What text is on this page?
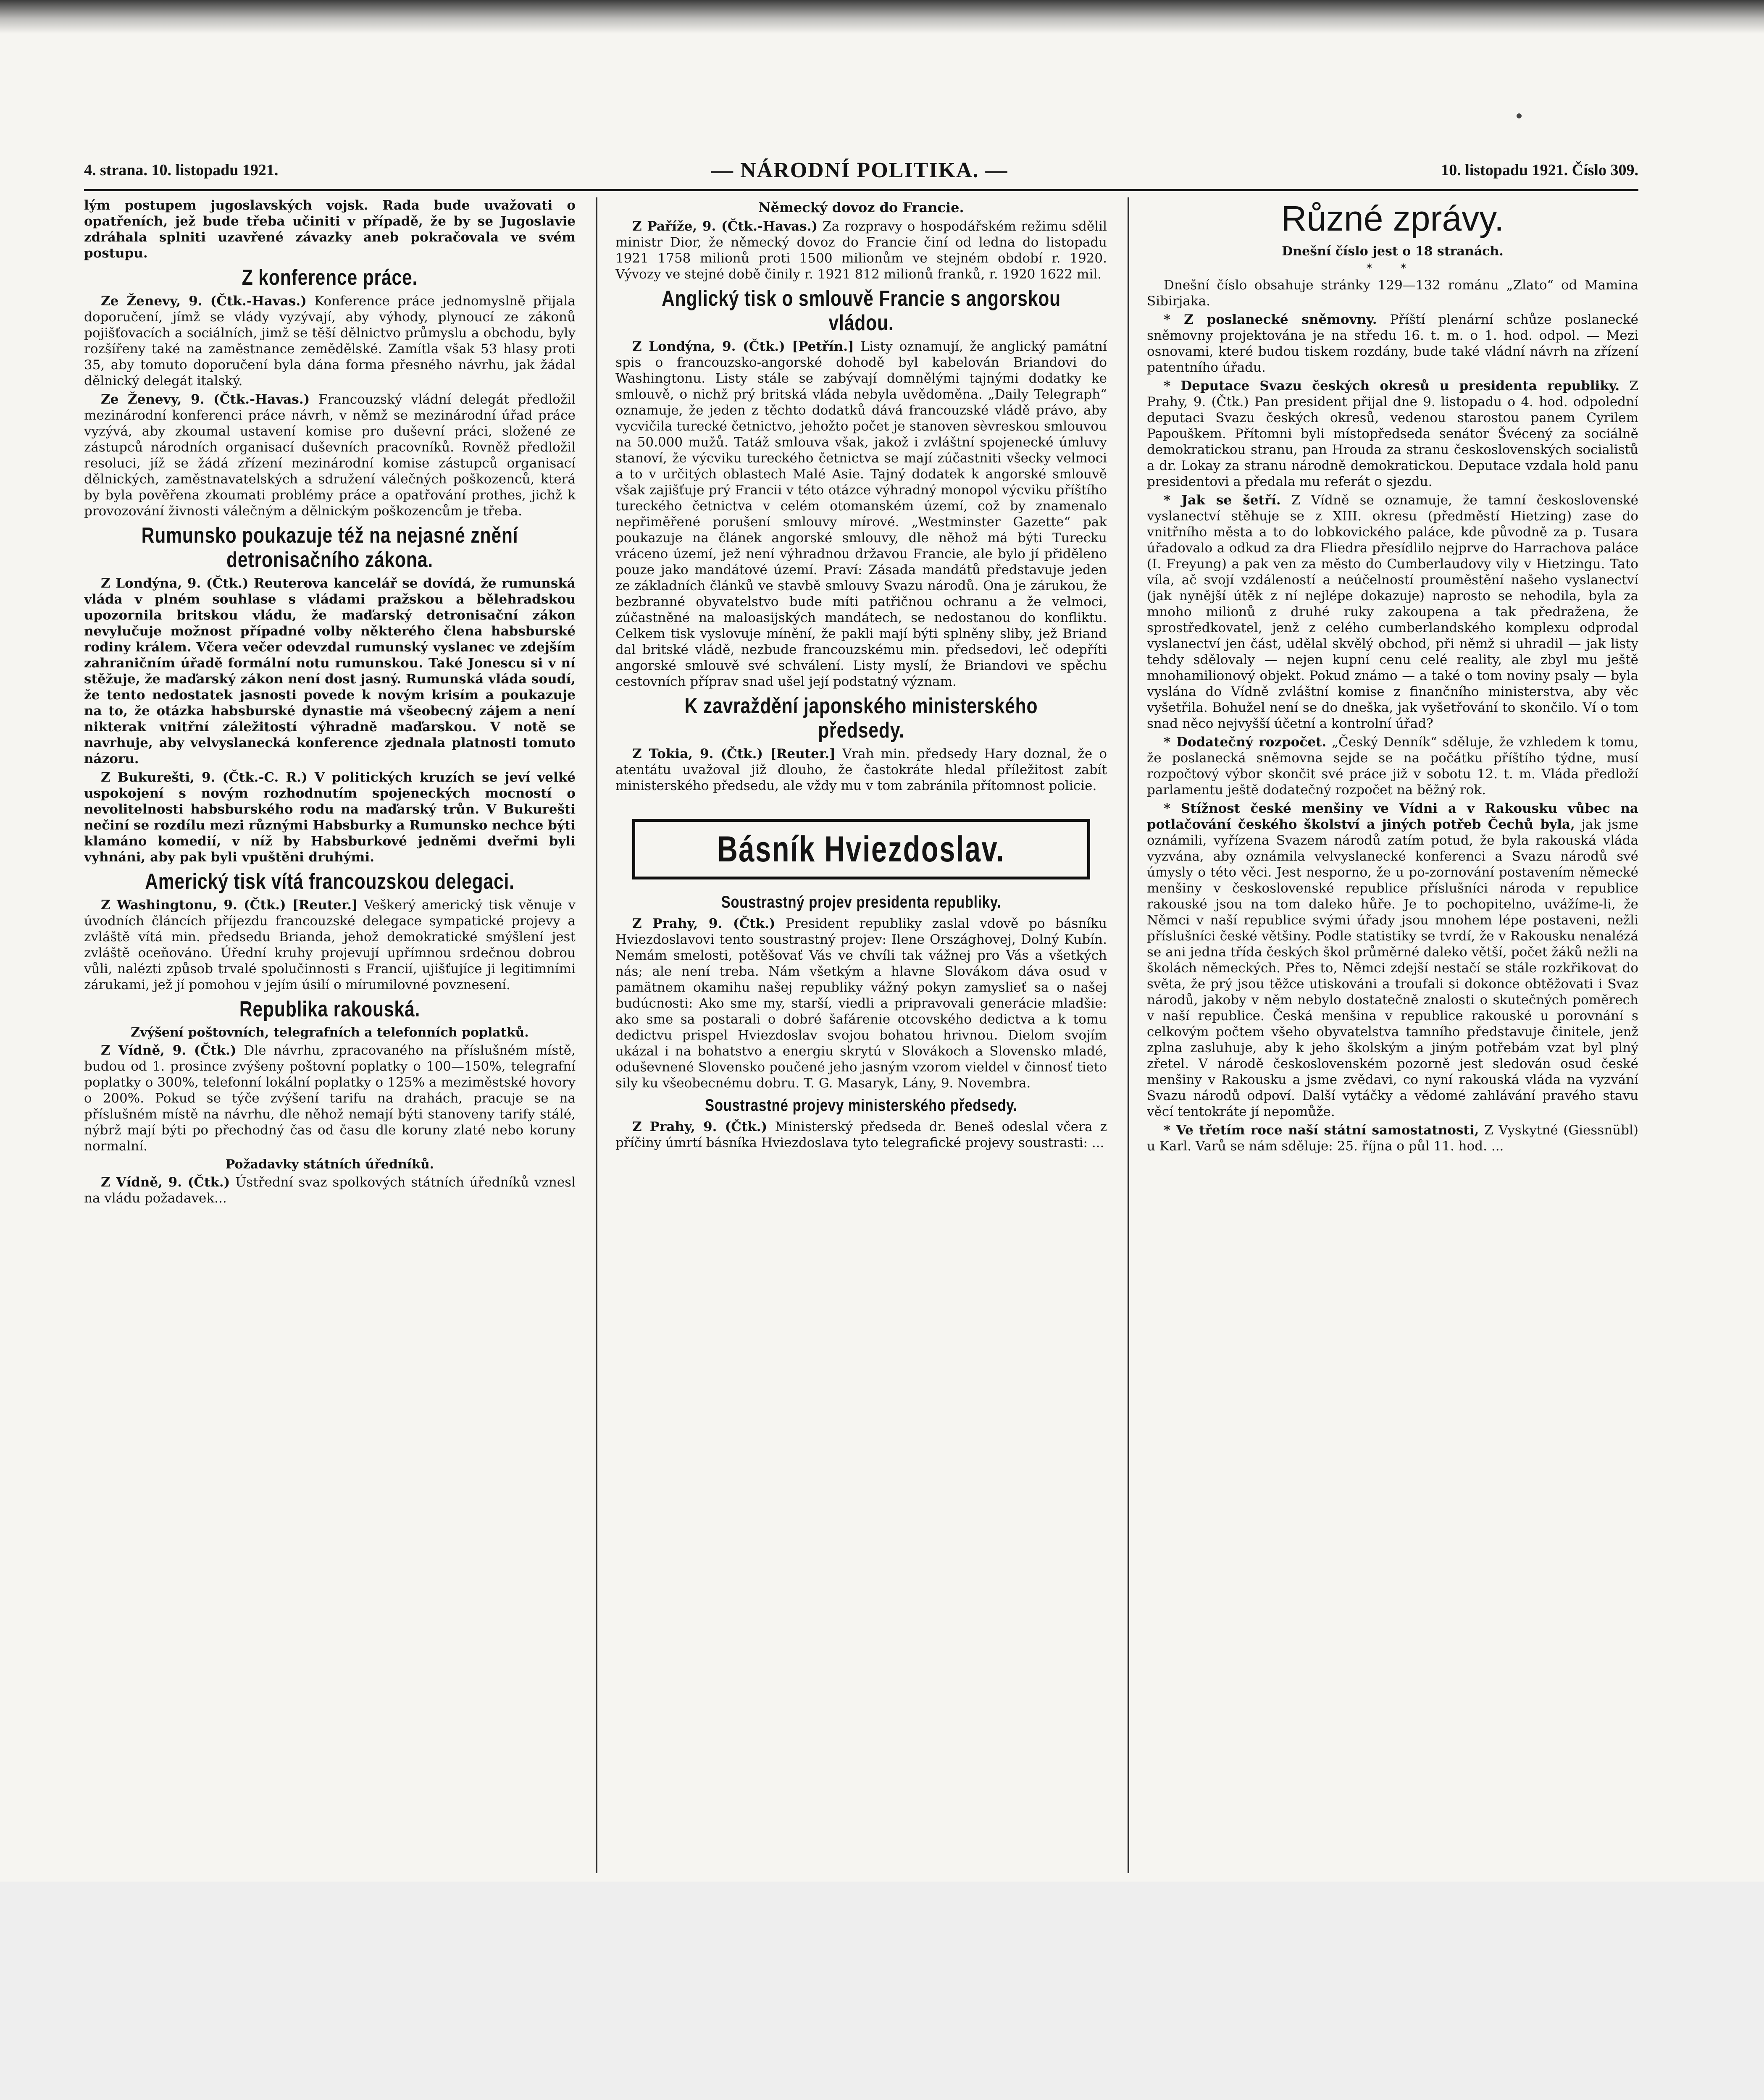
4. strana. 10. listopadu 1921.	— NÁRODNÍ POLITIKA. —	10. listopadu 1921. Číslo 309.

lým postupem jugoslavských vojsk. Rada bude uvažovati o opatřeních, jež bude třeba učiniti v případě, že by se Jugoslavie zdráhala splniti uzavřené závazky aneb pokračovala ve svém postupu.

Z konference práce.

Ze Ženevy, 9. (Čtk.-Havas.) Konference práce jednomyslně přijala doporučení, jímž se vlády vyzývají, aby výhody, plynoucí ze zákonů pojišťovacích a sociálních, jimž se těší dělnictvo průmyslu a obchodu, byly rozšířeny také na zaměstnance zemědělské. Zamítla však 53 hlasy proti 35, aby tomuto doporučení byla dána forma přesného návrhu, jak žádal dělnický delegát italský.

Ze Ženevy, 9. (Čtk.-Havas.) Francouzský vládní delegát předložil mezinárodní konferenci práce návrh, v němž se mezinárodní úřad práce vyzývá, aby zkoumal ustavení komise pro duševní práci, složené ze zástupců národních organisací duševních pracovníků. Rovněž předložil resoluci, jíž se žádá zřízení mezinárodní komise zástupců organisací dělnických, zaměstnavatelských a sdružení válečných poškozenců, která by byla pověřena zkoumati problémy práce a opatřování prothes, jichž k provozování živnosti válečným a dělnickým poškozencům je třeba.

Rumunsko poukazuje též na nejasné znění detronisačního zákona.

Z Londýna, 9. (Čtk.) Reuterova kancelář se dovídá, že rumunská vláda v plném souhlase s vládami pražskou a bělehradskou upozornila britskou vládu, že maďarský detronisační zákon nevylučuje možnost případné volby některého člena habsburské rodiny králem. Včera večer odevzdal rumunský vyslanec ve zdejším zahraničním úřadě formální notu rumunskou. Také Jonescu si v ní stěžuje, že maďarský zákon není dost jasný. Rumunská vláda soudí, že tento nedostatek jasnosti povede k novým krisím a poukazuje na to, že otázka habsburské dynastie má všeobecný zájem a není nikterak vnitřní záležitostí výhradně maďarskou. V notě se navrhuje, aby velvyslanecká konference zjednala platnosti tomuto názoru.

Z Bukurešti, 9. (Čtk.-C. R.) V politických kruzích se jeví velké uspokojení s novým rozhodnutím spojeneckých mocností o nevolitelnosti habsburského rodu na maďarský trůn. V Bukurešti nečiní se rozdílu mezi různými Habsburky a Rumunsko nechce býti klamáno komedií, v níž by Habsburkové jedněmi dveřmi byli vyhnáni, aby pak byli vpuštěni druhými.

Americký tisk vítá francouzskou delegaci.

Z Washingtonu, 9. (Čtk.) [Reuter.] Veškerý americký tisk věnuje v úvodních článcích příjezdu francouzské delegace sympatické projevy a zvláště vítá min. předsedu Brianda, jehož demokratické smýšlení jest zvláště oceňováno. Úřední kruhy projevují upřímnou srdečnou dobrou vůli, nalézti způsob trvalé spolučinnosti s Francií, ujišťujíce ji legitimními zárukami, jež jí pomohou v jejím úsilí o mírumilovné povznesení.

Republika rakouská.
Zvýšení poštovních, telegrafních a telefonních poplatků.

Z Vídně, 9. (Čtk.) Dle návrhu, zpracovaného na příslušném místě, budou od 1. prosince zvýšeny poštovní poplatky o 100—150%, telegrafní poplatky o 300%, telefonní lokální poplatky o 125% a meziměstské hovory o 200%. Pokud se týče zvýšení tarifu na drahách, pracuje se na příslušném místě na návrhu, dle něhož nemají býti stanoveny tarify stálé, nýbrž mají býti po přechodný čas od času dle koruny zlaté nebo koruny normalní.

Požadavky státních úředníků.

Z Vídně, 9. (Čtk.) Ústřední svaz spolkových státních úředníků vznesl na vládu požadavek...

Německý dovoz do Francie.

Z Paříže, 9. (Čtk.-Havas.) Za rozpravy o hospodářském režimu sdělil ministr Dior, že německý dovoz do Francie činí od ledna do listopadu 1921 1758 milionů proti 1500 milionům ve stejném období r. 1920. Vývozy ve stejné době činily r. 1921 812 milionů franků, r. 1920 1622 mil.

Anglický tisk o smlouvě Francie s angorskou vládou.

Z Londýna, 9. (Čtk.) [Petřín.] Listy oznamují, že anglický památní spis o francouzsko-angorské dohodě byl kabelován Briandovi do Washingtonu. Listy stále se zabývají domnělými tajnými dodatky ke smlouvě, o nichž prý britská vláda nebyla uvědoměna. „Daily Telegraph“ oznamuje, že jeden z těchto dodatků dává francouzské vládě právo, aby vycvičila turecké četnictvo, jehožto počet je stanoven sèvreskou smlouvou na 50.000 mužů. Tatáž smlouva však, jakož i zvláštní spojenecké úmluvy stanoví, že výcviku tureckého četnictva se mají zúčastniti všecky velmoci a to v určitých oblastech Malé Asie. Tajný dodatek k angorské smlouvě však zajišťuje prý Francii v této otázce výhradný monopol výcviku příštího tureckého četnictva v celém otomanském území, což by znamenalo nepřiměřené porušení smlouvy mírové. „Westminster Gazette“ pak poukazuje na článek angorské smlouvy, dle něhož má býti Turecku vráceno území, jež není výhradnou državou Francie, ale bylo jí přiděleno pouze jako mandátové území. Praví: Zásada mandátů představuje jeden ze základních článků ve stavbě smlouvy Svazu národů. Ona je zárukou, že bezbranné obyvatelstvo bude míti patřičnou ochranu a že velmoci, zúčastněné na maloasijských mandátech, se nedostanou do konfliktu. Celkem tisk vyslovuje mínění, že pakli mají býti splněny sliby, jež Briand dal britské vládě, nezbude francouzskému min. předsedovi, leč odepříti angorské smlouvě své schválení. Listy myslí, že Briandovi ve spěchu cestovních příprav snad ušel její podstatný význam.

K zavraždění japonského ministerského předsedy.

Z Tokia, 9. (Čtk.) [Reuter.] Vrah min. předsedy Hary doznal, že o atentátu uvažoval již dlouho, že častokráte hledal příležitost zabít ministerského předsedu, ale vždy mu v tom zabránila přítomnost policie.

Básník Hviezdoslav.
Soustrastný projev presidenta republiky.

Z Prahy, 9. (Čtk.) President republiky zaslal vdově po básníku Hviezdoslavovi tento soustrastný projev: Ilene Országhovej, Dolný Kubín. Nemám smelosti, potěšovať Vás ve chvíli tak vážnej pro Vás a všetkých nás; ale není treba. Nám všetkým a hlavne Slovákom dáva osud v pamätnem okamihu našej republiky vážný pokyn zamyslieť sa o našej budúcnosti: Ako sme my, starší, viedli a pripravovali generácie mladšie: ako sme sa postarali o dobré šafárenie otcovského dedictva a k tomu dedictvu prispel Hviezdoslav svojou bohatou hrivnou. Dielom svojím ukázal i na bohatstvo a energiu skrytú v Slovákoch a Slovensko mladé, oduševnené Slovensko poučené jeho jasným vzorom vieldel v činnosť tieto sily ku všeobecnému dobru. T. G. Masaryk, Lány, 9. Novembra.

Soustrastné projevy ministerského předsedy.

Z Prahy, 9. (Čtk.) Ministerský předseda dr. Beneš odeslal včera z příčiny úmrtí básníka Hviezdoslava tyto telegrafické projevy soustrasti: ...

Různé zprávy.
Dnešní číslo jest o 18 stranách.
* *

Dnešní číslo obsahuje stránky 129—132 románu „Zlato“ od Mamina Sibirjaka.

* Z poslanecké sněmovny. Příští plenární schůze poslanecké sněmovny projektována je na středu 16. t. m. o 1. hod. odpol. — Mezi osnovami, které budou tiskem rozdány, bude také vládní návrh na zřízení patentního úřadu.

* Deputace Svazu českých okresů u presidenta republiky. Z Prahy, 9. (Čtk.) Pan president přijal dne 9. listopadu o 4. hod. odpolední deputaci Svazu českých okresů, vedenou starostou panem Cyrilem Papouškem. Přítomni byli místopředseda senátor Švécený za sociálně demokratickou stranu, pan Hrouda za stranu československých socialistů a dr. Lokay za stranu národně demokratickou. Deputace vzdala hold panu presidentovi a předala mu referát o sjezdu.

* Jak se šetří. Z Vídně se oznamuje, že tamní československé vyslanectví stěhuje se z XIII. okresu (předměstí Hietzing) zase do vnitřního města a to do lobkovického paláce, kde původně za p. Tusara úřadovalo a odkud za dra Fliedra přesídlilo nejprve do Harrachova paláce (I. Freyung) a pak ven za město do Cumberlaudovy vily v Hietzingu. Tato víla, ač svojí vzdáleností a neúčelností prouměstění našeho vyslanectví (jak nynější útěk z ní nejlépe dokazuje) naprosto se nehodila, byla za mnoho milionů z druhé ruky zakoupena a tak předražena, že sprostředkovatel, jenž z celého cumberlandského komplexu odprodal vyslanectví jen část, udělal skvělý obchod, při němž si uhradil — jak listy tehdy sdělovaly — nejen kupní cenu celé reality, ale zbyl mu ještě mnohamilionový objekt. Pokud známo — a také o tom noviny psaly — byla vyslána do Vídně zvláštní komise z finančního ministerstva, aby věc vyšetřila. Bohužel není se do dneška, jak vyšetřování to skončilo. Ví o tom snad něco nejvyšší účetní a kontrolní úřad?

* Dodatečný rozpočet. „Český Denník“ sděluje, že vzhledem k tomu, že poslanecká sněmovna sejde se na počátku příštího týdne, musí rozpočtový výbor skončit své práce již v sobotu 12. t. m. Vláda předloží parlamentu ještě dodatečný rozpočet na běžný rok.

* Stížnost české menšiny ve Vídni a v Rakousku vůbec na potlačování českého školství a jiných potřeb Čechů byla, jak jsme oznámili, vyřízena Svazem národů zatím potud, že byla rakouská vláda vyzvána, aby oznámila velvyslanecké konferenci a Svazu národů své úmysly o této věci. Jest nesporno, že u po-zornování postavením německé menšiny v československé republice příslušníci národa v republice rakouské jsou na tom daleko hůře. Je to pochopitelno, uvážíme-li, že Němci v naší republice svými úřady jsou mnohem lépe postaveni, nežli příslušníci české většiny. Podle statistiky se tvrdí, že v Rakousku nenalézá se ani jedna třída českých škol průměrné daleko větší, počet žáků nežli na školách německých. Přes to, Němci zdejší nestačí se stále rozkřikovat do světa, že prý jsou těžce utiskováni a troufali si dokonce obtěžovati i Svaz národů, jakoby v něm nebylo dostatečně znalosti o skutečných poměrech v naší republice. Česká menšina v republice rakouské u porovnání s celkovým počtem všeho obyvatelstva tamního představuje činitele, jenž zplna zasluhuje, aby k jeho školským a jiným potřebám vzat byl plný zřetel. V národě československém pozorně jest sledován osud české menšiny v Rakousku a jsme zvědavi, co nyní rakouská vláda na vyzvání Svazu národů odpoví. Další vytáčky a vědomé zahlávání pravého stavu věcí tentokráte jí nepomůže.

* Ve třetím roce naší státní samostatnosti, Z Vyskytné (Giessnübl) u Karl. Varů se nám sděluje: 25. října o půl 11. hod. ...
